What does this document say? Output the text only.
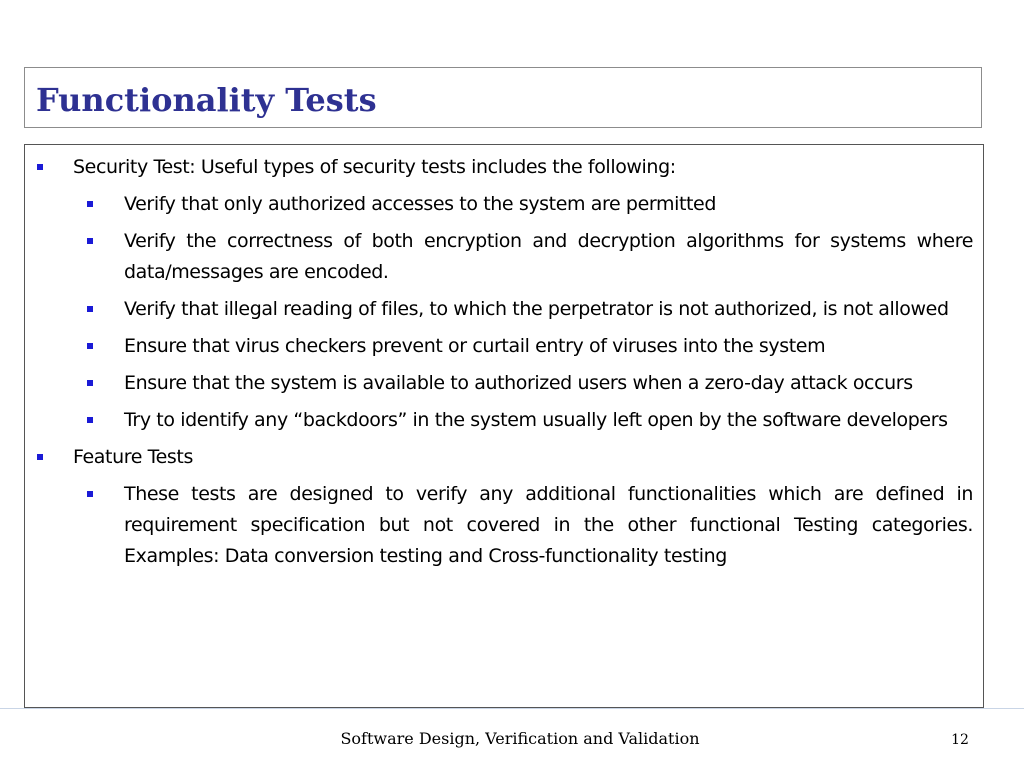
Functionality Tests
Security Test: Useful types of security tests includes the following:
Verify that only authorized accesses to the system are permitted
Verify the correctness of both encryption and decryption algorithms for systems where data/messages are encoded.
Verify that illegal reading of files, to which the perpetrator is not authorized, is not allowed
Ensure that virus checkers prevent or curtail entry of viruses into the system
Ensure that the system is available to authorized users when a zero-day attack occurs
Try to identify any “backdoors” in the system usually left open by the software developers
Feature Tests
These tests are designed to verify any additional functionalities which are defined in requirement specification but not covered in the other functional Testing categories. Examples: Data conversion testing and Cross-functionality testing
Software Design, Verification and Validation	12
